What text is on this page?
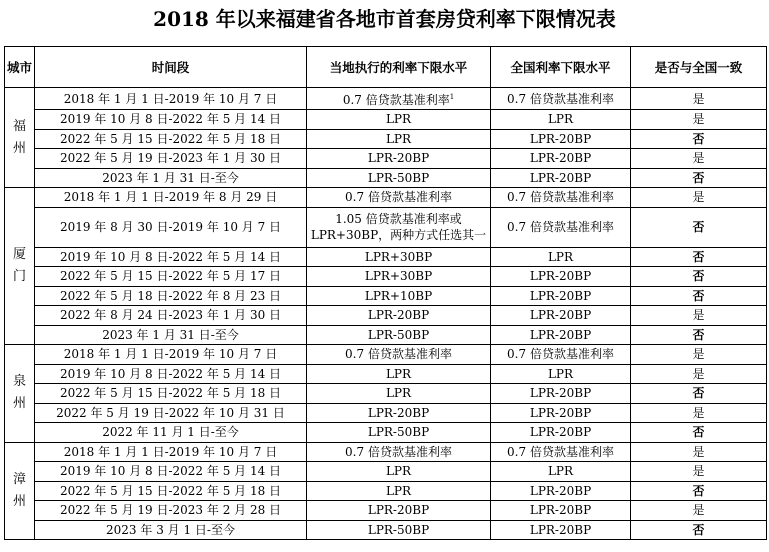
2018 年以来福建省各地市首套房贷利率下限情况表
城市	时间段	当地执行的利率下限水平	全国利率下限水平	是否与全国一致
福
州	2018 年 1 月 1 日-2019 年 10 月 7 日	0.7 倍贷款基准利率$^1$	0.7 倍贷款基准利率	是
	2019 年 10 月 8 日-2022 年 5 月 14 日	LPR	LPR	是
	2022 年 5 月 15 日-2022 年 5 月 18 日	LPR	LPR-20BP	否
	2022 年 5 月 19 日-2023 年 1 月 30 日	LPR-20BP	LPR-20BP	是
	2023 年 1 月 31 日-至今	LPR-50BP	LPR-20BP	否
厦
门	2018 年 1 月 1 日-2019 年 8 月 29 日	0.7 倍贷款基准利率	0.7 倍贷款基准利率	是
	2019 年 8 月 30 日-2019 年 10 月 7 日	1.05 倍贷款基准利率或
LPR+30BP，两种方式任选其一	0.7 倍贷款基准利率	否
	2019 年 10 月 8 日-2022 年 5 月 14 日	LPR+30BP	LPR	否
	2022 年 5 月 15 日-2022 年 5 月 17 日	LPR+30BP	LPR-20BP	否
	2022 年 5 月 18 日-2022 年 8 月 23 日	LPR+10BP	LPR-20BP	否
	2022 年 8 月 24 日-2023 年 1 月 30 日	LPR-20BP	LPR-20BP	是
	2023 年 1 月 31 日-至今	LPR-50BP	LPR-20BP	否
泉
州	2018 年 1 月 1 日-2019 年 10 月 7 日	0.7 倍贷款基准利率	0.7 倍贷款基准利率	是
	2019 年 10 月 8 日-2022 年 5 月 14 日	LPR	LPR	是
	2022 年 5 月 15 日-2022 年 5 月 18 日	LPR	LPR-20BP	否
	2022 年 5 月 19 日-2022 年 10 月 31 日	LPR-20BP	LPR-20BP	是
	2022 年 11 月 1 日-至今	LPR-50BP	LPR-20BP	否
漳
州	2018 年 1 月 1 日-2019 年 10 月 7 日	0.7 倍贷款基准利率	0.7 倍贷款基准利率	是
	2019 年 10 月 8 日-2022 年 5 月 14 日	LPR	LPR	是
	2022 年 5 月 15 日-2022 年 5 月 18 日	LPR	LPR-20BP	否
	2022 年 5 月 19 日-2023 年 2 月 28 日	LPR-20BP	LPR-20BP	是
	2023 年 3 月 1 日-至今	LPR-50BP	LPR-20BP	否
